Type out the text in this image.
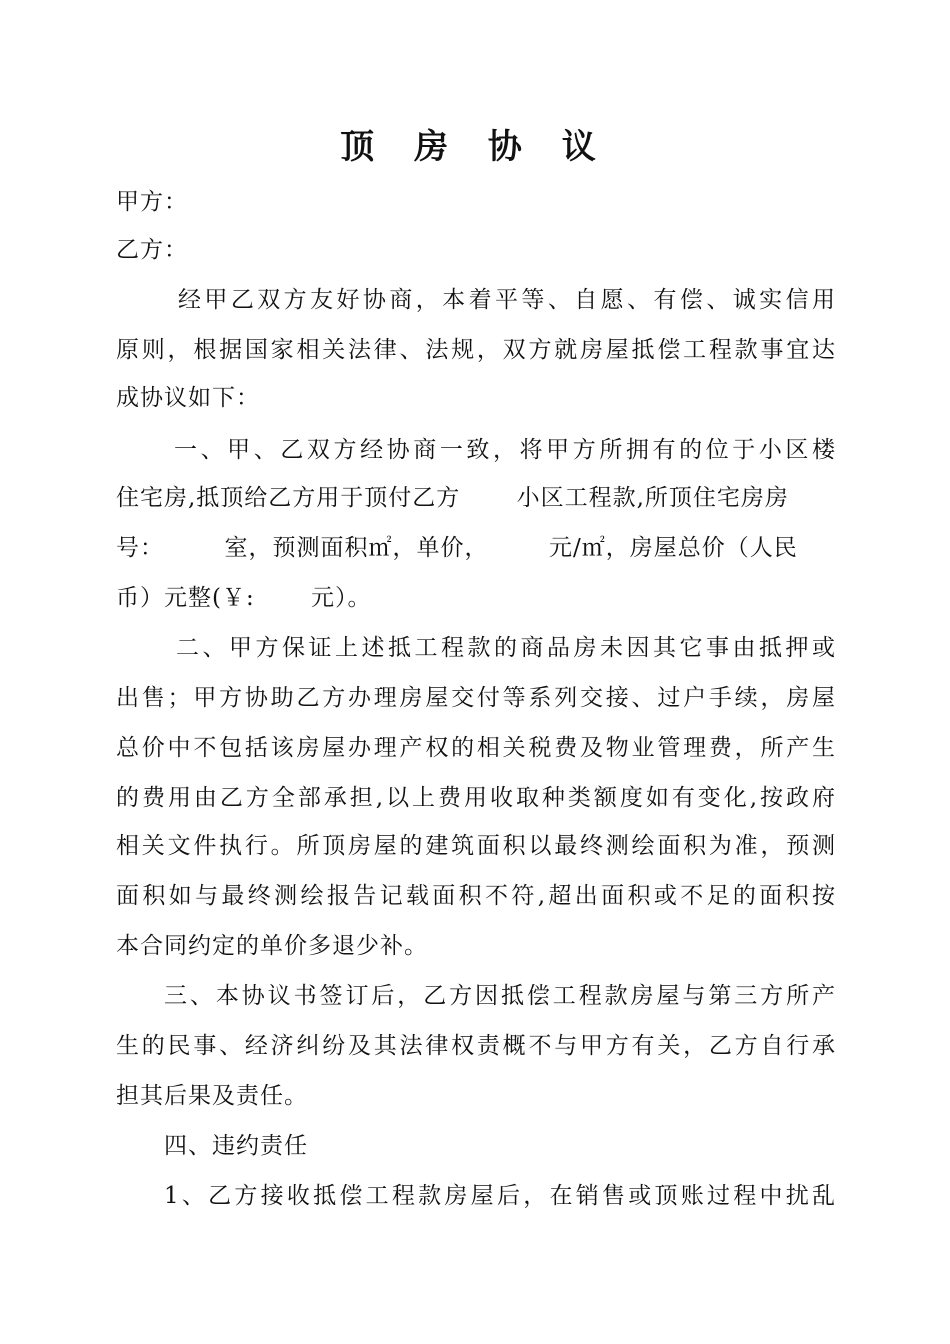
顶 房 协 议
甲方：
乙方：
经甲乙双方友好协商，本着平等、自愿、有偿、诚实信用
原则，根据国家相关法律、法规，双方就房屋抵偿工程款事宜达
成协议如下：
一、甲、乙双方经协商一致，将甲方所拥有的位于小区楼
住宅房,抵顶给乙方用于顶付乙方　　 小区工程款,所顶住宅房房
号：　　　室，预测面积㎡，单价，　　　元/㎡，房屋总价（人民
币）元整(￥:　　 元）。
二、甲方保证上述抵工程款的商品房未因其它事由抵押或
出售；甲方协助乙方办理房屋交付等系列交接、过户手续，房屋
总价中不包括该房屋办理产权的相关税费及物业管理费，所产生
的费用由乙方全部承担,以上费用收取种类额度如有变化,按政府
相关文件执行。所顶房屋的建筑面积以最终测绘面积为准，预测
面积如与最终测绘报告记载面积不符,超出面积或不足的面积按
本合同约定的单价多退少补。
三、本协议书签订后，乙方因抵偿工程款房屋与第三方所产
生的民事、经济纠纷及其法律权责概不与甲方有关，乙方自行承
担其后果及责任。
四、违约责任
1、乙方接收抵偿工程款房屋后，在销售或顶账过程中扰乱
